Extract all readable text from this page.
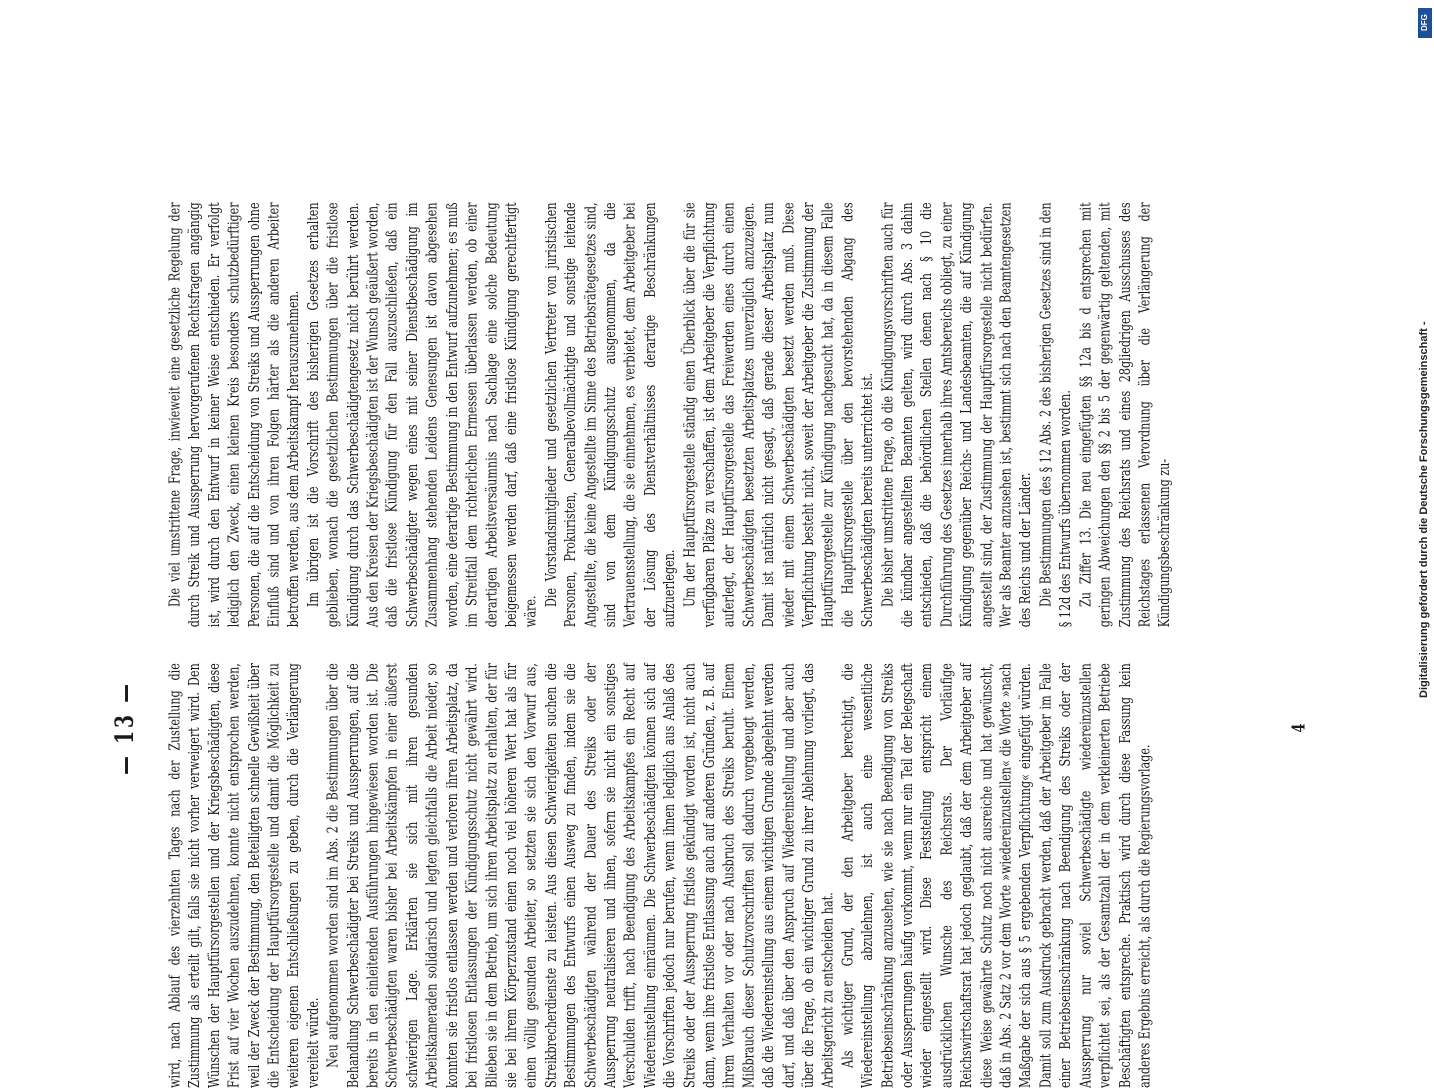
— 13 — wird, nach Ablauf des vierzehnten Tages nach der Zustellung die Zustimmung als erteilt gilt, falls sie nicht vorher verweigert wird. Den Wünschen der Hauptfürsorgestellen und der Kriegsbeschädigten, diese Frist auf vier Wochen auszudehnen, konnte nicht entsprochen werden, weil der Zweck der Bestimmung, den Beteiligten schnelle Gewißheit über die Entscheidung der Hauptfürsorgestelle und damit die Möglichkeit zu weiteren eigenen Entschließungen zu geben, durch die Verlängerung vereitelt würde. Neu aufgenommen worden sind im Abs. 2 die Bestimmungen über die Behandlung Schwerbeschädigter bei Streiks und Aussperrungen, auf die bereits in den einleitenden Ausführungen hingewiesen worden ist. Die Schwerbeschädigten waren bisher bei Arbeitskämpfen in einer äußerst schwierigen Lage. Erklärten sie sich mit ihren gesunden Arbeitskameraden solidarisch und legten gleichfalls die Arbeit nieder, so konnten sie fristlos entlassen werden und verloren ihren Arbeitsplatz, da bei fristlosen Entlassungen der Kündigungsschutz nicht gewährt wird. Blieben sie in dem Betrieb, um sich ihren Arbeitsplatz zu erhalten, der für sie bei ihrem Körperzustand einen noch viel höheren Wert hat als für einen völlig gesunden Arbeiter, so setzten sie sich den Vorwurf aus, Streikbrecherdienste zu leisten. Aus diesen Schwierigkeiten suchen die Bestimmungen des Entwurfs einen Ausweg zu finden, indem sie die Schwerbeschädigten während der Dauer des Streiks oder der Aussperrung neutralisieren und ihnen, sofern sie nicht ein sonstiges Verschulden trifft, nach Beendigung des Arbeitskampfes ein Recht auf Wiedereinstellung einräumen. Die Schwerbeschädigten können sich auf die Vorschriften jedoch nur berufen, wenn ihnen lediglich aus Anlaß des Streiks oder der Aussperrung fristlos gekündigt worden ist, nicht auch dann, wenn ihre fristlose Entlassung auch auf anderen Gründen, z. B. auf ihrem Verhalten vor oder nach Ausbruch des Streiks beruht. Einem Mißbrauch dieser Schutzvorschriften soll dadurch vorgebeugt werden, daß die Wiedereinstellung aus einem wichtigen Grunde abgelehnt werden darf, und daß über den Anspruch auf Wiedereinstellung und aber auch über die Frage, ob ein wichtiger Grund zu ihrer Ablehnung vorliegt, das Arbeitsgericht zu entscheiden hat. Als wichtiger Grund, der den Arbeitgeber berechtigt, die Wiedereinstellung abzulehnen, ist auch eine wesentliche Betriebseinschränkung anzusehen, wie sie nach Beendigung von Streiks oder Aussperrungen häufig vorkommt, wenn nur ein Teil der Belegschaft wieder eingestellt wird. Diese Feststellung entspricht einem ausdrücklichen Wunsche des Reichsrats. Der Vorläufige Reichswirtschaftsrat hat jedoch geglaubt, daß der dem Arbeitgeber auf diese Weise gewährte Schutz noch nicht ausreiche und hat gewünscht, daß in Abs. 2 Satz 2 vor dem Worte »wiedereinzustellen« die Worte »nach Maßgabe der sich aus § 5 ergebenden Verpflichtung« eingefügt würden. Damit soll zum Ausdruck gebracht werden, daß der Arbeitgeber im Falle einer Betriebseinschränkung nach Beendigung des Streiks oder der Aussperrung nur soviel Schwerbeschädigte wiedereinzustellen verpflichtet sei, als der Gesamtzahl der in dem verkleinerten Betriebe Beschäftigten entspreche. Praktisch wird durch diese Fassung kein anderes Ergebnis erreicht, als durch die Regierungsvorlage.

Die viel umstrittene Frage, inwieweit eine gesetzliche Regelung der durch Streik und Aussperrung hervorgerufenen Rechtsfragen angängig ist, wird durch den Entwurf in keiner Weise entschieden. Er verfolgt lediglich den Zweck, einen kleinen Kreis besonders schutzbedürftiger Personen, die auf die Entscheidung von Streiks und Aussperrungen ohne Einfluß sind und von ihren Folgen härter als die anderen Arbeiter betroffen werden, aus dem Arbeitskampf herauszunehmen. Im übrigen ist die Vorschrift des bisherigen Gesetzes erhalten geblieben, wonach die gesetzlichen Bestimmungen über die fristlose Kündigung durch das Schwerbeschädigtengesetz nicht berührt werden. Aus den Kreisen der Kriegsbeschädigten ist der Wunsch geäußert worden, daß die fristlose Kündigung für den Fall auszuschließen, daß ein Schwerbeschädigter wegen eines mit seiner Dienstbeschädigung im Zusammenhang stehenden Leidens Genesungen ist davon abgesehen worden, eine derartige Bestimmung in den Entwurf aufzunehmen; es muß im Streitfall dem richterlichen Ermessen überlassen werden, ob einer derartigen Arbeitsversäumnis nach Sachlage eine solche Bedeutung beigemessen werden darf, daß eine fristlose Kündigung gerechtfertigt wäre.

Die Vorstandsmitglieder und gesetzlichen Vertreter von juristischen Personen, Prokuristen, Generalbevollmächtigte und sonstige leitende Angestellte, die keine Angestellte im Sinne des Betriebsrätegesetzes sind, sind von dem Kündigungsschutz ausgenommen, da die Vertrauensstellung, die sie einnehmen, es verbietet, dem Arbeitgeber bei der Lösung des Dienstverhältnisses derartige Beschränkungen aufzuerlegen. Um der Hauptfürsorgestelle ständig einen Überblick über die für sie verfügbaren Plätze zu verschaffen, ist dem Arbeitgeber die Verpflichtung auferlegt, der Hauptfürsorgestelle das Freiwerden eines durch einen Schwerbeschädigten besetzten Arbeitsplatzes unverzüglich anzuzeigen. Damit ist natürlich nicht gesagt, daß gerade dieser Arbeitsplatz nun wieder mit einem Schwerbeschädigten besetzt werden muß. Diese Verpflichtung besteht nicht, soweit der Arbeitgeber die Zustimmung der Hauptfürsorgestelle zur Kündigung nachgesucht hat, da in diesem Falle die Hauptfürsorgestelle über den bevorstehenden Abgang des Schwerbeschädigten bereits unterrichtet ist. Die bisher umstrittene Frage, ob die Kündigungsvorschriften auch für die kündbar angestellten Beamten gelten, wird durch Abs. 3 dahin entschieden, daß die behördlichen Stellen denen nach § 10 die Durchführung des Gesetzes innerhalb ihres Amtsbereichs obliegt, zu einer Kündigung gegenüber Reichs- und Landesbeamten, die auf Kündigung angestellt sind, der Zustimmung der Hauptfürsorgestelle nicht bedürfen. Wer als Beamter anzusehen ist, bestimmt sich nach den Beamtengesetzen des Reichs und der Länder. Die Bestimmungen des § 12 Abs. 2 des bisherigen Gesetzes sind in den § 12d des Entwurfs übernommen worden. Zu Ziffer 13. Die neu eingefügten §§ 12a bis d entsprechen mit geringen Abweichungen den §§ 2 bis 5 der gegenwärtig geltenden, mit Zustimmung des Reichsrats und eines 28gliedrigen Ausschusses des Reichstages erlassenen Verordnung über die Verlängerung der Kündigungsbeschränkung zu-

4
Digitalisierung gefördert durch die Deutsche Forschungsgemeinschaft -
DFG
